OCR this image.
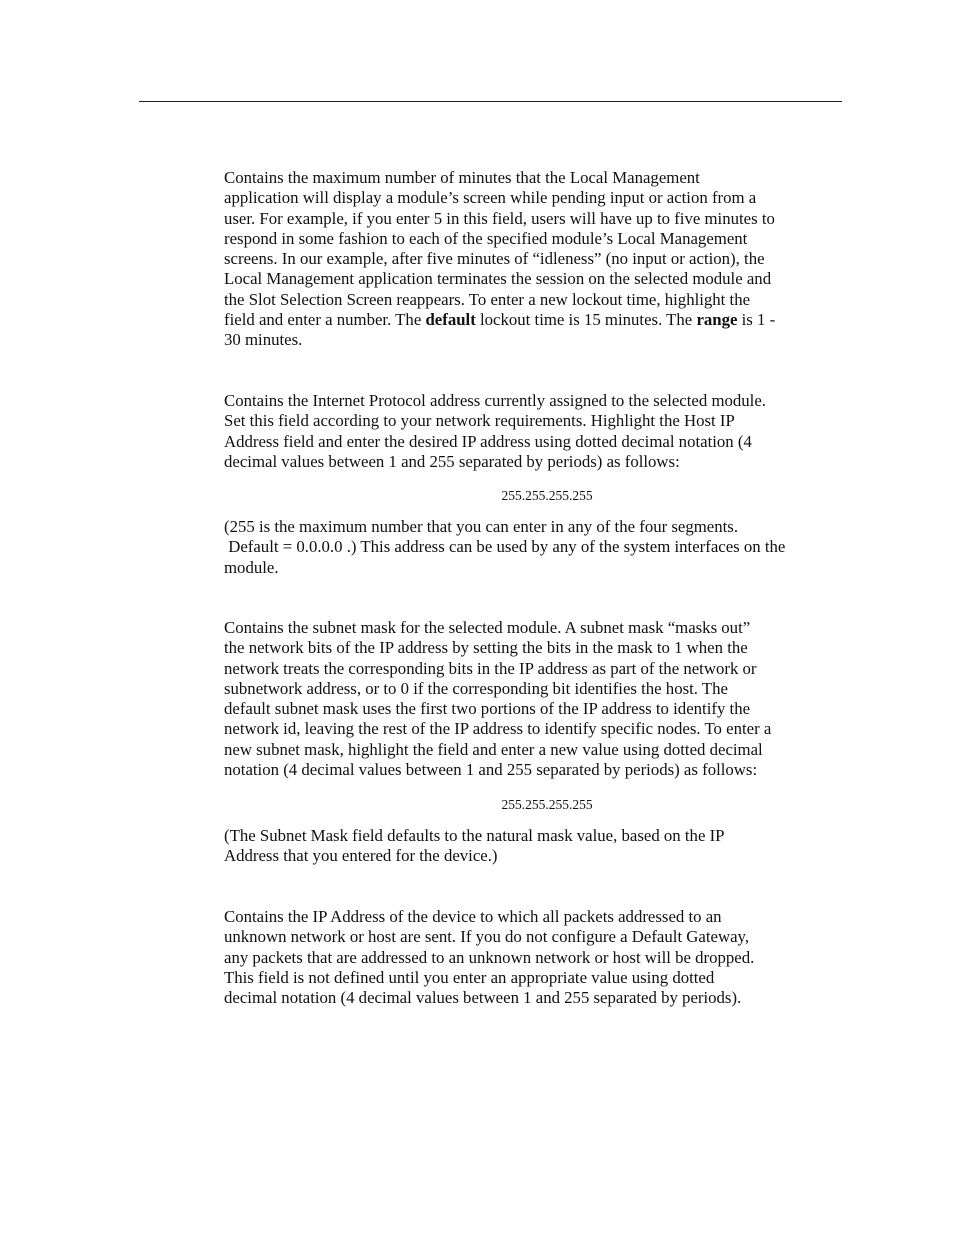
Contains the maximum number of minutes that the Local Management
application will display a module’s screen while pending input or action from a
user. For example, if you enter 5 in this field, users will have up to five minutes to
respond in some fashion to each of the specified module’s Local Management
screens. In our example, after five minutes of “idleness” (no input or action), the
Local Management application terminates the session on the selected module and
the Slot Selection Screen reappears. To enter a new lockout time, highlight the
field and enter a number. The default lockout time is 15 minutes. The range is 1 -
30 minutes.

Contains the Internet Protocol address currently assigned to the selected module.
Set this field according to your network requirements. Highlight the Host IP
Address field and enter the desired IP address using dotted decimal notation (4
decimal values between 1 and 255 separated by periods) as follows:

255.255.255.255

(255 is the maximum number that you can enter in any of the four segments.
Default = 0.0.0.0 .) This address can be used by any of the system interfaces on the
module.

Contains the subnet mask for the selected module. A subnet mask “masks out”
the network bits of the IP address by setting the bits in the mask to 1 when the
network treats the corresponding bits in the IP address as part of the network or
subnetwork address, or to 0 if the corresponding bit identifies the host. The
default subnet mask uses the first two portions of the IP address to identify the
network id, leaving the rest of the IP address to identify specific nodes. To enter a
new subnet mask, highlight the field and enter a new value using dotted decimal
notation (4 decimal values between 1 and 255 separated by periods) as follows:

255.255.255.255

(The Subnet Mask field defaults to the natural mask value, based on the IP
Address that you entered for the device.)

Contains the IP Address of the device to which all packets addressed to an
unknown network or host are sent. If you do not configure a Default Gateway,
any packets that are addressed to an unknown network or host will be dropped.
This field is not defined until you enter an appropriate value using dotted
decimal notation (4 decimal values between 1 and 255 separated by periods).
